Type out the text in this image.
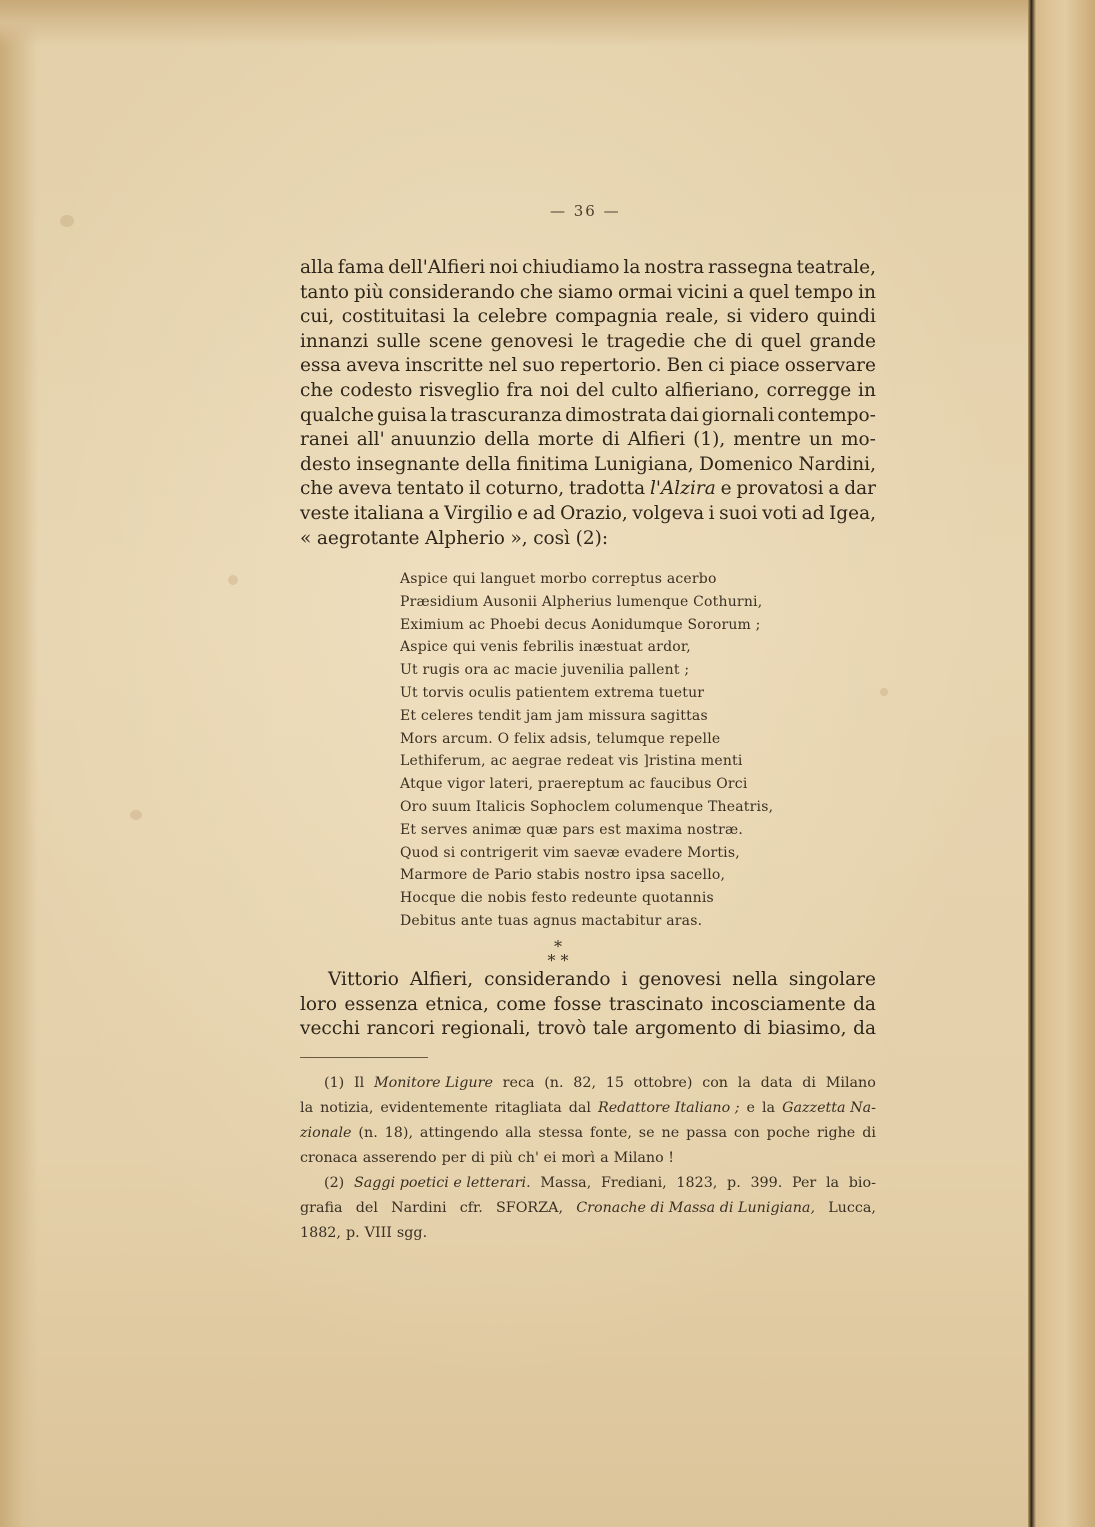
— 36 —
alla fama dell'Alfieri noi chiudiamo la nostra rassegna teatrale,
tanto più considerando che siamo ormai vicini a quel tempo in
cui, costituitasi la celebre compagnia reale, si videro quindi
innanzi sulle scene genovesi le tragedie che di quel grande
essa aveva inscritte nel suo repertorio. Ben ci piace osservare
che codesto risveglio fra noi del culto alfieriano, corregge in
qualche guisa la trascuranza dimostrata dai giornali contempo-
ranei all' anuunzio della morte di Alfieri (1), mentre un mo-
desto insegnante della finitima Lunigiana, Domenico Nardini,
che aveva tentato il coturno, tradotta l'Alzira e provatosi a dar
veste italiana a Virgilio e ad Orazio, volgeva i suoi voti ad Igea,
« aegrotante Alpherio », così (2):
Aspice qui languet morbo correptus acerbo
Præsidium Ausonii Alpherius lumenque Cothurni,
Eximium ac Phoebi decus Aonidumque Sororum ;
Aspice qui venis febrilis inæstuat ardor,
Ut rugis ora ac macie juvenilia pallent ;
Ut torvis oculis patientem extrema tuetur
Et celeres tendit jam jam missura sagittas
Mors arcum. O felix adsis, telumque repelle
Lethiferum, ac aegrae redeat vis ]ristina menti
Atque vigor lateri, praereptum ac faucibus Orci
Oro suum Italicis Sophoclem columenque Theatris,
Et serves animæ quæ pars est maxima nostræ.
Quod si contrigerit vim saevæ evadere Mortis,
Marmore de Pario stabis nostro ipsa sacello,
Hocque die nobis festo redeunte quotannis
Debitus ante tuas agnus mactabitur aras.
*
* *
Vittorio Alfieri, considerando i genovesi nella singolare
loro essenza etnica, come fosse trascinato incosciamente da
vecchi rancori regionali, trovò tale argomento di biasimo, da
(1) Il Monitore Ligure reca (n. 82, 15 ottobre) con la data di Milano
la notizia, evidentemente ritagliata dal Redattore Italiano ; e la Gazzetta Na-
zionale (n. 18), attingendo alla stessa fonte, se ne passa con poche righe di
cronaca asserendo per di più ch' ei morì a Milano !
(2) Saggi poetici e letterari. Massa, Frediani, 1823, p. 399. Per la bio-
grafia del Nardini cfr. SFORZA, Cronache di Massa di Lunigiana, Lucca,
1882, p. VIII sgg.
